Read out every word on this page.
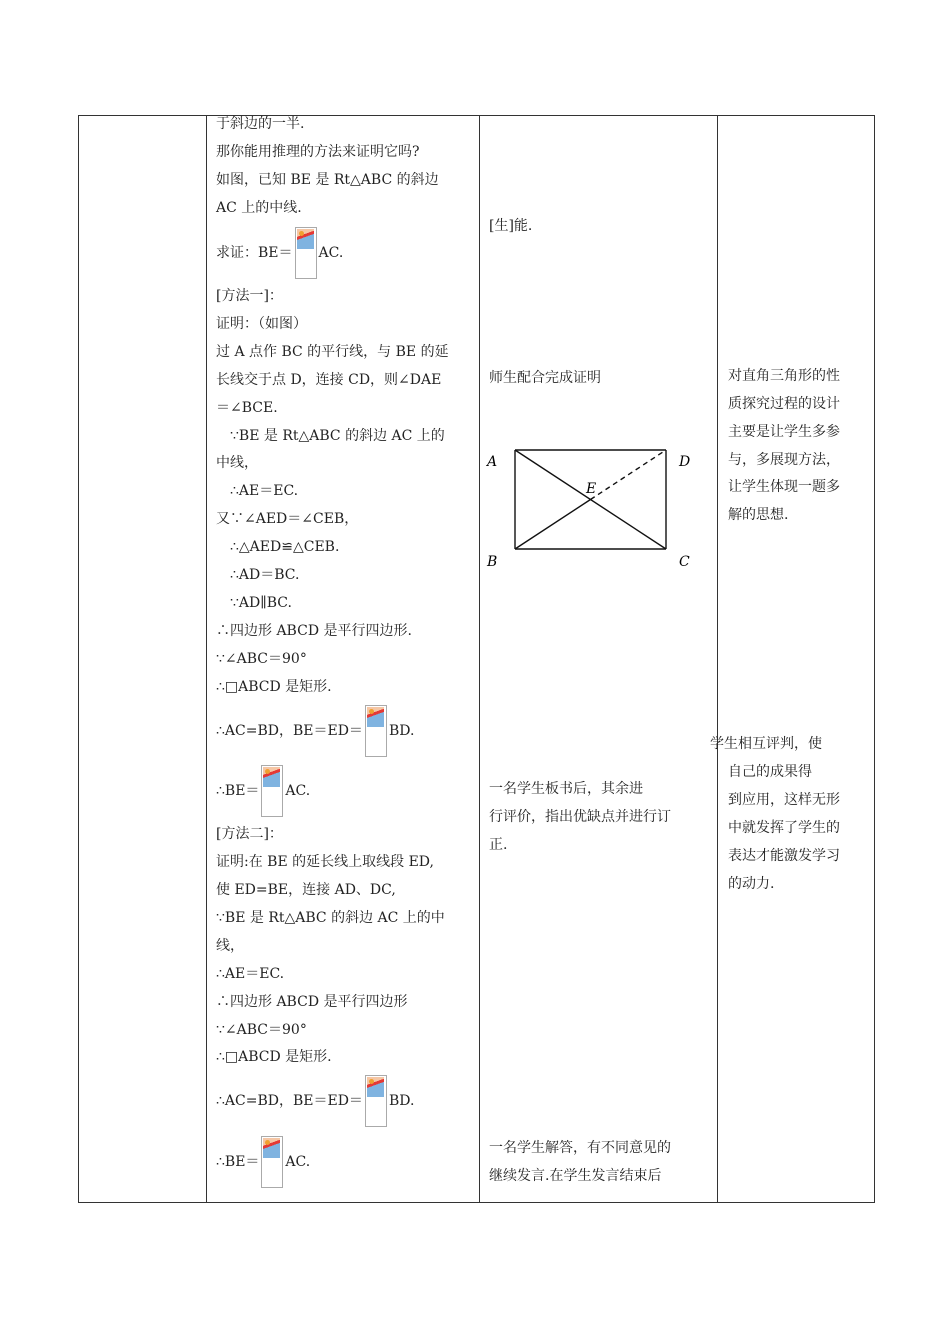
于斜边的一半.
那你能用推理的方法来证明它吗?
如图，已知 BE 是 Rt△ABC 的斜边
AC 上的中线.
求证：BE＝ AC.
[方法一]：
证明：（如图）
过 A 点作 BC 的平行线，与 BE 的延
长线交于点 D，连接 CD，则∠DAE
＝∠BCE.
∵BE 是 Rt△ABC 的斜边 AC 上的
中线，
∴AE＝EC.
又∵∠AED＝∠CEB，
∴△AED≌△CEB.
∴AD＝BC.
∵AD∥BC.
∴四边形 ABCD 是平行四边形.
∵∠ABC＝90°
∴□ABCD 是矩形.
∴AC=BD，BE＝ED＝ BD.
∴BE＝ AC.
[方法二]：
证明:在 BE 的延长线上取线段 ED,
使 ED=BE，连接 AD、DC,
∵BE 是 Rt△ABC 的斜边 AC 上的中
线，
∴AE＝EC.
∴四边形 ABCD 是平行四边形
∵∠ABC＝90°
∴□ABCD 是矩形.
∴AC=BD，BE＝ED＝ BD.
∴BE＝ AC.
[生]能.
师生配合完成证明
一名学生板书后，其余进
行评价，指出优缺点并进行订
正.
一名学生解答，有不同意见的
继续发言.在学生发言结束后
A	D
E
B	C
对直角三角形的性
质探究过程的设计
主要是让学生多参
与，多展现方法，
让学生体现一题多
解的思想.
学生相互评判，使
自己的成果得
到应用，这样无形
中就发挥了学生的
表达才能激发学习
的动力.
